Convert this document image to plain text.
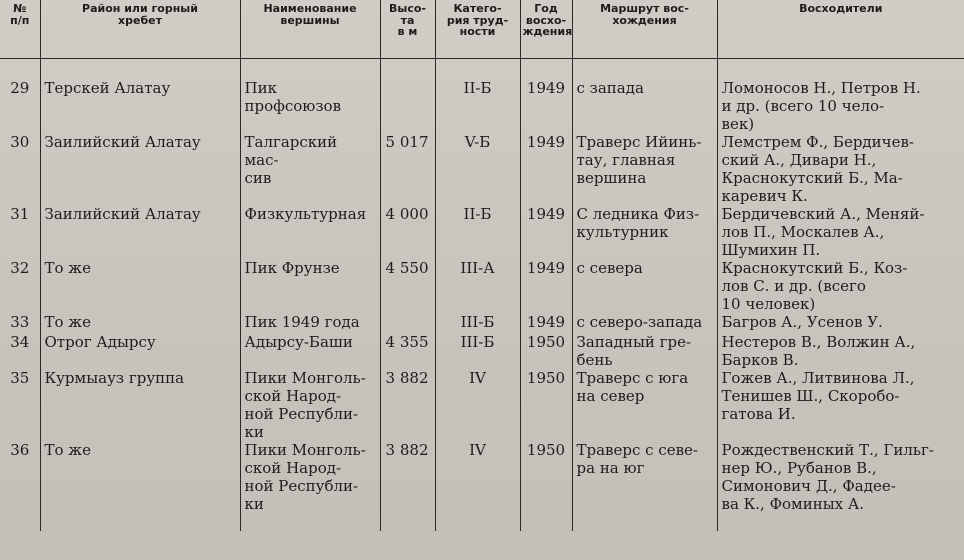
№
п/п	Район или горный
хребет	Наименование
вершины	Высо-
та
в м	Катего-
рия труд-
ности	Год
восхо-
ждения	Маршрут вос-
хождения	Восходители
29	Терскей Алатау	Пик профсоюзов		II-Б	1949	с запада	Ломоносов Н., Петров Н.
и др. (всего 10 чело-
век)
30	Заилийский Алатау	Талгарский мас-
сив	5 017	V-Б	1949	Траверс Ийинь-
тау, главная
вершина	Лемстрем Ф., Бердичев-
ский А., Дивари Н.,
Краснокутский Б., Ма-
каревич К.
31	Заилийский Алатау	Физкультурная	4 000	II-Б	1949	С ледника Физ-
культурник	Бердичевский А., Меняй-
лов П., Москалев А.,
Шумихин П.
32	То же	Пик Фрунзе	4 550	III-А	1949	с севера	Краснокутский Б., Коз-
лов С. и др. (всего
10 человек)
33	То же	Пик 1949 года		III-Б	1949	с северо-запада	Багров А., Усенов У.
34	Отрог Адырсу	Адырсу-Баши	4 355	III-Б	1950	Западный гре-
бень	Нестеров В., Волжин А.,
Барков В.
35	Курмыауз группа	Пики Монголь-
ской Народ-
ной Республи-
ки	3 882	IV	1950	Траверс с юга
на север	Гожев А., Литвинова Л.,
Тенишев Ш., Скоробо-
гатова И.
36	То же	Пики Монголь-
ской Народ-
ной Республи-
ки	3 882	IV	1950	Траверс с севе-
ра на юг	Рождественский Т., Гильг-
нер Ю., Рубанов В.,
Симонович Д., Фадее-
ва К., Фоминых А.
